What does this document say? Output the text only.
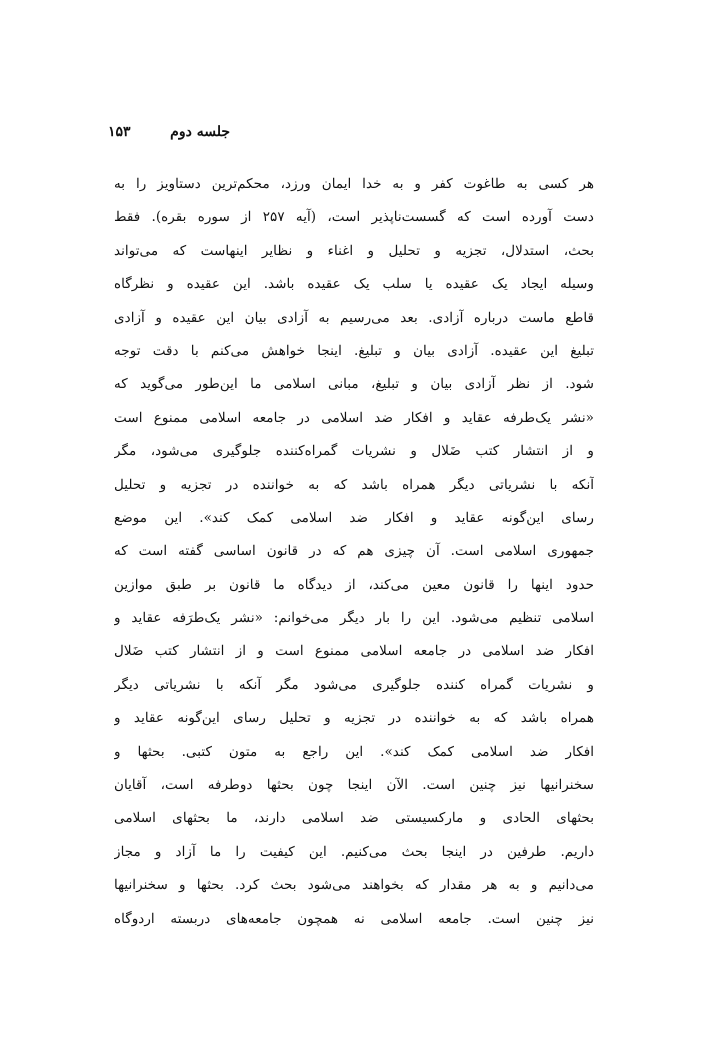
جلسه دوم
۱۵۳
هر کسی به طاغوت کفر و به خدا ایمان ورزد، محکم‌ترین دستاویز را به
دست آورده است که گسست‌ناپذیر است، (آیه ۲۵۷ از سوره بقره). فقط
بحث، استدلال، تجزیه و تحلیل و اغناء و نظایر اینهاست که می‌تواند
وسیله ایجاد یک عقیده یا سلب یک عقیده باشد. این عقیده و نظرگاه
قاطع ماست درباره آزادی. بعد می‌رسیم به آزادی بیان این عقیده و آزادی
تبلیغ این عقیده. آزادی بیان و تبلیغ. اینجا خواهش می‌کنم با دقت توجه
شود. از نظر آزادی بیان و تبلیغ، مبانی اسلامی ما این‌طور می‌گوید که
«نشر یک‌طرفه عقاید و افکار ضد اسلامی در جامعه اسلامی ممنوع است
و از انتشار کتب ضَلال و نشریات گمراه‌کننده جلوگیری می‌شود، مگر
آنکه با نشریاتی دیگر همراه باشد که به خواننده در تجزیه و تحلیل
رسای این‌گونه عقاید و افکار ضد اسلامی کمک کند». این موضع
جمهوری اسلامی است. آن چیزی هم که در قانون اساسی گفته است که
حدود اینها را قانون معین می‌کند، از دیدگاه ما قانون بر طبق موازین
اسلامی تنظیم می‌شود. این را بار دیگر می‌خوانم: «نشر یک‌طرَفه عقاید و
افکار ضد اسلامی در جامعه اسلامی ممنوع است و از انتشار کتب ضَلال
و نشریات گمراه کننده جلوگیری می‌شود مگر آنکه با نشریاتی دیگر
همراه باشد که به خواننده در تجزیه و تحلیل رسای این‌گونه عقاید و
افکار ضد اسلامی کمک کند». این راجع به متون کتبی. بحثها و
سخنرانیها نیز چنین است. الآن اینجا چون بحثها دوطرفه است، آقایان
بحثهای الحادی و مارکسیستی ضد اسلامی دارند، ما بحثهای اسلامی
داریم. طرفین در اینجا بحث می‌کنیم. این کیفیت را ما آزاد و مجاز
می‌دانیم و به هر مقدار که بخواهند می‌شود بحث کرد. بحثها و سخنرانیها
نیز چنین است. جامعه اسلامی نه همچون جامعه‌های دربسته اردوگاه
